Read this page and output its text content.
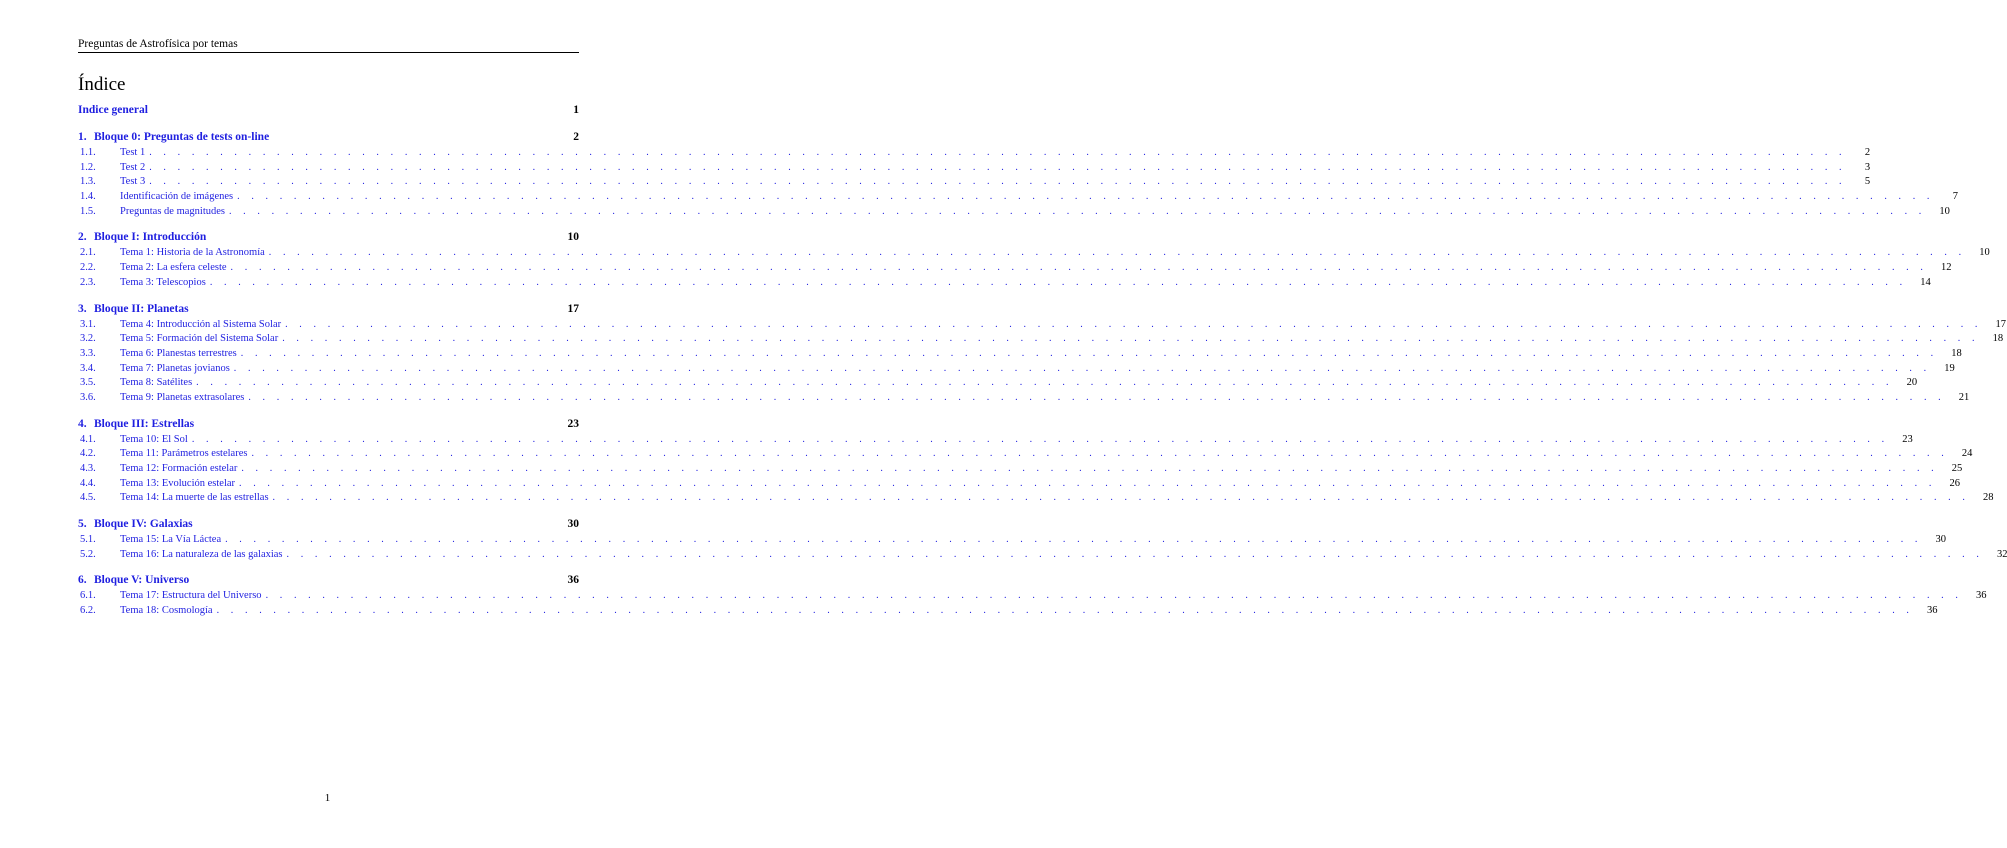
Preguntas de Astrofísica por temas
Índice
Indice general	1
1. Bloque 0: Preguntas de tests on-line	2
1.1.	Test 1 . . . . . . . . . . . . . . . . . . . . . . . . . . . . . . . . . . . . . . . . . . . . . . . . . . . . . . . . . . . . . . . . . . . . . . . . . . . . . . . . . . . . . . . . . . . . . . . . . . . . . . . . . . . . . . . . . . . . . . . .	2
1.2.	Test 2 . . . . . . . . . . . . . . . . . . . . . . . . . . . . . . . . . . . . . . . . . . . . . . . . . . . . . . . . . . . . . . . . . . . . . . . . . . . . . . . . . . . . . . . . . . . . . . . . . . . . . . . . . . . . . . . . . . . . . . . .	3
1.3.	Test 3 . . . . . . . . . . . . . . . . . . . . . . . . . . . . . . . . . . . . . . . . . . . . . . . . . . . . . . . . . . . . . . . . . . . . . . . . . . . . . . . . . . . . . . . . . . . . . . . . . . . . . . . . . . . . . . . . . . . . . . . .	5
1.4.	Identificación de imágenes . . . . . . . . . . . . . . . . . . . . . . . . . . . . . . . . . . . . . . . . . . . . . . . . . . . . . . . . . . . . . . . . . . . . . . . . . . . . . . . . . . . . . . . . . . . . . . . . . . . . . . . . . . . . . . . . . . . . . . . .	7
1.5.	Preguntas de magnitudes . . . . . . . . . . . . . . . . . . . . . . . . . . . . . . . . . . . . . . . . . . . . . . . . . . . . . . . . . . . . . . . . . . . . . . . . . . . . . . . . . . . . . . . . . . . . . . . . . . . . . . . . . . . . . . . . . . . . . . . .	10
2. Bloque I: Introducción	10
2.1.	Tema 1: Historia de la Astronomía . . . . . . . . . . . . . . . . . . . . . . . . . . . . . . . . . . . . . . . . . . . . . . . . . . . . . . . . . . . . . . . . . . . . . . . . . . . . . . . . . . . . . . . . . . . . . . . . . . . . . . . . . . . . . . . . . . . . . . . .	10
2.2.	Tema 2: La esfera celeste . . . . . . . . . . . . . . . . . . . . . . . . . . . . . . . . . . . . . . . . . . . . . . . . . . . . . . . . . . . . . . . . . . . . . . . . . . . . . . . . . . . . . . . . . . . . . . . . . . . . . . . . . . . . . . . . . . . . . . . .	12
2.3.	Tema 3: Telescopios . . . . . . . . . . . . . . . . . . . . . . . . . . . . . . . . . . . . . . . . . . . . . . . . . . . . . . . . . . . . . . . . . . . . . . . . . . . . . . . . . . . . . . . . . . . . . . . . . . . . . . . . . . . . . . . . . . . . . . . .	14
3. Bloque II: Planetas	17
3.1.	Tema 4: Introducción al Sistema Solar . . . . . . . . . . . . . . . . . . . . . . . . . . . . . . . . . . . . . . . . . . . . . . . . . . . . . . . . . . . . . . . . . . . . . . . . . . . . . . . . . . . . . . . . . . . . . . . . . . . . . . . . . . . . . . . . . . . . . . . .	17
3.2.	Tema 5: Formación del Sistema Solar . . . . . . . . . . . . . . . . . . . . . . . . . . . . . . . . . . . . . . . . . . . . . . . . . . . . . . . . . . . . . . . . . . . . . . . . . . . . . . . . . . . . . . . . . . . . . . . . . . . . . . . . . . . . . . . . . . . . . . . .	18
3.3.	Tema 6: Planestas terrestres . . . . . . . . . . . . . . . . . . . . . . . . . . . . . . . . . . . . . . . . . . . . . . . . . . . . . . . . . . . . . . . . . . . . . . . . . . . . . . . . . . . . . . . . . . . . . . . . . . . . . . . . . . . . . . . . . . . . . . . .	18
3.4.	Tema 7: Planetas jovianos . . . . . . . . . . . . . . . . . . . . . . . . . . . . . . . . . . . . . . . . . . . . . . . . . . . . . . . . . . . . . . . . . . . . . . . . . . . . . . . . . . . . . . . . . . . . . . . . . . . . . . . . . . . . . . . . . . . . . . . .	19
3.5.	Tema 8: Satélites . . . . . . . . . . . . . . . . . . . . . . . . . . . . . . . . . . . . . . . . . . . . . . . . . . . . . . . . . . . . . . . . . . . . . . . . . . . . . . . . . . . . . . . . . . . . . . . . . . . . . . . . . . . . . . . . . . . . . . . .	20
3.6.	Tema 9: Planetas extrasolares . . . . . . . . . . . . . . . . . . . . . . . . . . . . . . . . . . . . . . . . . . . . . . . . . . . . . . . . . . . . . . . . . . . . . . . . . . . . . . . . . . . . . . . . . . . . . . . . . . . . . . . . . . . . . . . . . . . . . . . .	21
4. Bloque III: Estrellas	23
4.1.	Tema 10: El Sol . . . . . . . . . . . . . . . . . . . . . . . . . . . . . . . . . . . . . . . . . . . . . . . . . . . . . . . . . . . . . . . . . . . . . . . . . . . . . . . . . . . . . . . . . . . . . . . . . . . . . . . . . . . . . . . . . . . . . . . .	23
4.2.	Tema 11: Parámetros estelares . . . . . . . . . . . . . . . . . . . . . . . . . . . . . . . . . . . . . . . . . . . . . . . . . . . . . . . . . . . . . . . . . . . . . . . . . . . . . . . . . . . . . . . . . . . . . . . . . . . . . . . . . . . . . . . . . . . . . . . .	24
4.3.	Tema 12: Formación estelar . . . . . . . . . . . . . . . . . . . . . . . . . . . . . . . . . . . . . . . . . . . . . . . . . . . . . . . . . . . . . . . . . . . . . . . . . . . . . . . . . . . . . . . . . . . . . . . . . . . . . . . . . . . . . . . . . . . . . . . .	25
4.4.	Tema 13: Evolución estelar . . . . . . . . . . . . . . . . . . . . . . . . . . . . . . . . . . . . . . . . . . . . . . . . . . . . . . . . . . . . . . . . . . . . . . . . . . . . . . . . . . . . . . . . . . . . . . . . . . . . . . . . . . . . . . . . . . . . . . . .	26
4.5.	Tema 14: La muerte de las estrellas . . . . . . . . . . . . . . . . . . . . . . . . . . . . . . . . . . . . . . . . . . . . . . . . . . . . . . . . . . . . . . . . . . . . . . . . . . . . . . . . . . . . . . . . . . . . . . . . . . . . . . . . . . . . . . . . . . . . . . . .	28
5. Bloque IV: Galaxias	30
5.1.	Tema 15: La Vía Láctea . . . . . . . . . . . . . . . . . . . . . . . . . . . . . . . . . . . . . . . . . . . . . . . . . . . . . . . . . . . . . . . . . . . . . . . . . . . . . . . . . . . . . . . . . . . . . . . . . . . . . . . . . . . . . . . . . . . . . . . .	30
5.2.	Tema 16: La naturaleza de las galaxias . . . . . . . . . . . . . . . . . . . . . . . . . . . . . . . . . . . . . . . . . . . . . . . . . . . . . . . . . . . . . . . . . . . . . . . . . . . . . . . . . . . . . . . . . . . . . . . . . . . . . . . . . . . . . . . . . . . . . . . .	32
6. Bloque V: Universo	36
6.1.	Tema 17: Estructura del Universo . . . . . . . . . . . . . . . . . . . . . . . . . . . . . . . . . . . . . . . . . . . . . . . . . . . . . . . . . . . . . . . . . . . . . . . . . . . . . . . . . . . . . . . . . . . . . . . . . . . . . . . . . . . . . . . . . . . . . . . .	36
6.2.	Tema 18: Cosmología . . . . . . . . . . . . . . . . . . . . . . . . . . . . . . . . . . . . . . . . . . . . . . . . . . . . . . . . . . . . . . . . . . . . . . . . . . . . . . . . . . . . . . . . . . . . . . . . . . . . . . . . . . . . . . . . . . . . . . . .	36
1
